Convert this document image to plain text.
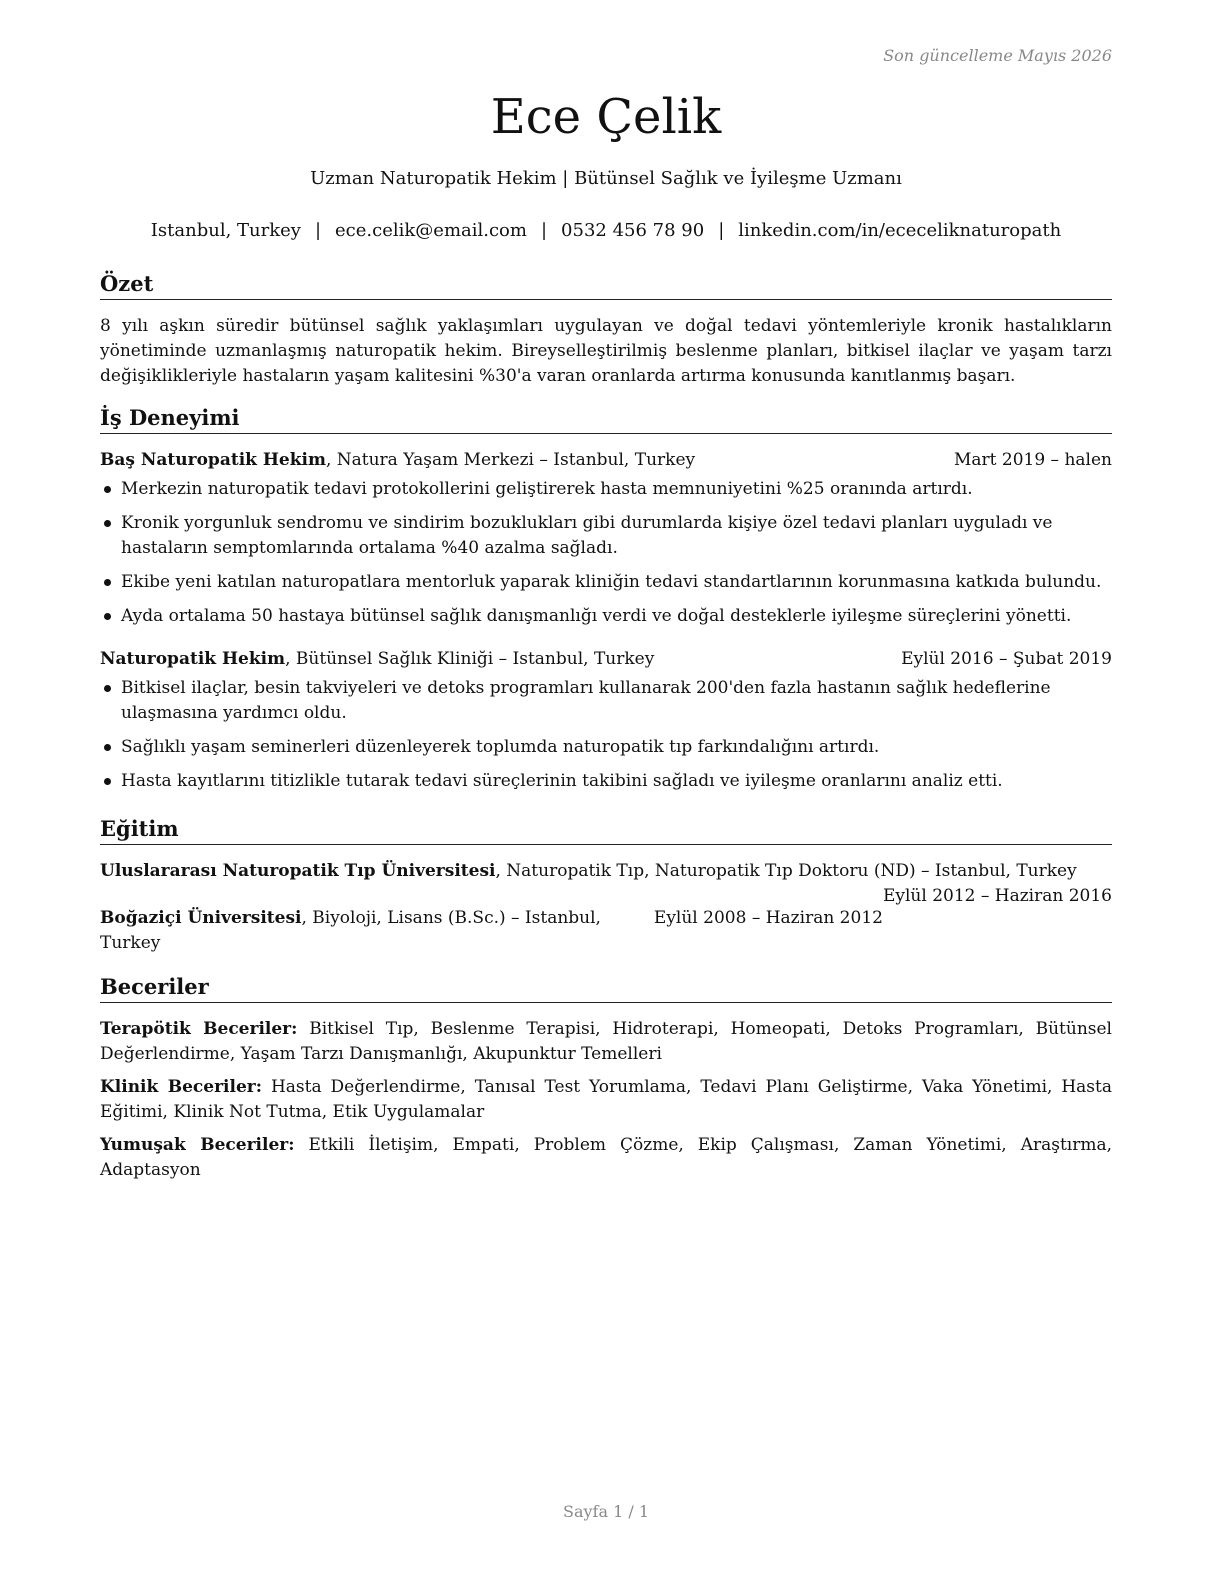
Son güncelleme Mayıs 2026
Ece Çelik
Uzman Naturopatik Hekim | Bütünsel Sağlık ve İyileşme Uzmanı
Istanbul, Turkey | ece.celik@email.com | 0532 456 78 90 | linkedin.com/in/ececeliknaturopath
Özet

8 yılı aşkın süredir bütünsel sağlık yaklaşımları uygulayan ve doğal tedavi yöntemleriyle kronik hastalıkların yönetiminde uzmanlaşmış naturopatik hekim. Bireyselleştirilmiş beslenme planları, bitkisel ilaçlar ve yaşam tarzı değişiklikleriyle hastaların yaşam kalitesini %30'a varan oranlarda artırma konusunda kanıtlanmış başarı.

İş Deneyimi
Baş Naturopatik Hekim, Natura Yaşam Merkezi – Istanbul, Turkey	Mart 2019 – halen
Merkezin naturopatik tedavi protokollerini geliştirerek hasta memnuniyetini %25 oranında artırdı.
Kronik yorgunluk sendromu ve sindirim bozuklukları gibi durumlarda kişiye özel tedavi planları uyguladı ve hastaların semptomlarında ortalama %40 azalma sağladı.
Ekibe yeni katılan naturopatlara mentorluk yaparak kliniğin tedavi standartlarının korunmasına katkıda bulundu.
Ayda ortalama 50 hastaya bütünsel sağlık danışmanlığı verdi ve doğal desteklerle iyileşme süreçlerini yönetti.
Naturopatik Hekim, Bütünsel Sağlık Kliniği – Istanbul, Turkey	Eylül 2016 – Şubat 2019
Bitkisel ilaçlar, besin takviyeleri ve detoks programları kullanarak 200'den fazla hastanın sağlık hedeflerine ulaşmasına yardımcı oldu.
Sağlıklı yaşam seminerleri düzenleyerek toplumda naturopatik tıp farkındalığını artırdı.
Hasta kayıtlarını titizlikle tutarak tedavi süreçlerinin takibini sağladı ve iyileşme oranlarını analiz etti.
Eğitim
Uluslararası Naturopatik Tıp Üniversitesi, Naturopatik Tıp, Naturopatik Tıp Doktoru (ND) – Istanbul, Turkey
Eylül 2012 – Haziran 2016
Boğaziçi Üniversitesi, Biyoloji, Lisans (B.Sc.) – Istanbul, Turkey
Eylül 2008 – Haziran 2012
Beceriler

Terapötik Beceriler: Bitkisel Tıp, Beslenme Terapisi, Hidroterapi, Homeopati, Detoks Programları, Bütünsel Değerlendirme, Yaşam Tarzı Danışmanlığı, Akupunktur Temelleri

Klinik Beceriler: Hasta Değerlendirme, Tanısal Test Yorumlama, Tedavi Planı Geliştirme, Vaka Yönetimi, Hasta Eğitimi, Klinik Not Tutma, Etik Uygulamalar

Yumuşak Beceriler: Etkili İletişim, Empati, Problem Çözme, Ekip Çalışması, Zaman Yönetimi, Araştırma, Adaptasyon

Sayfa 1 / 1
